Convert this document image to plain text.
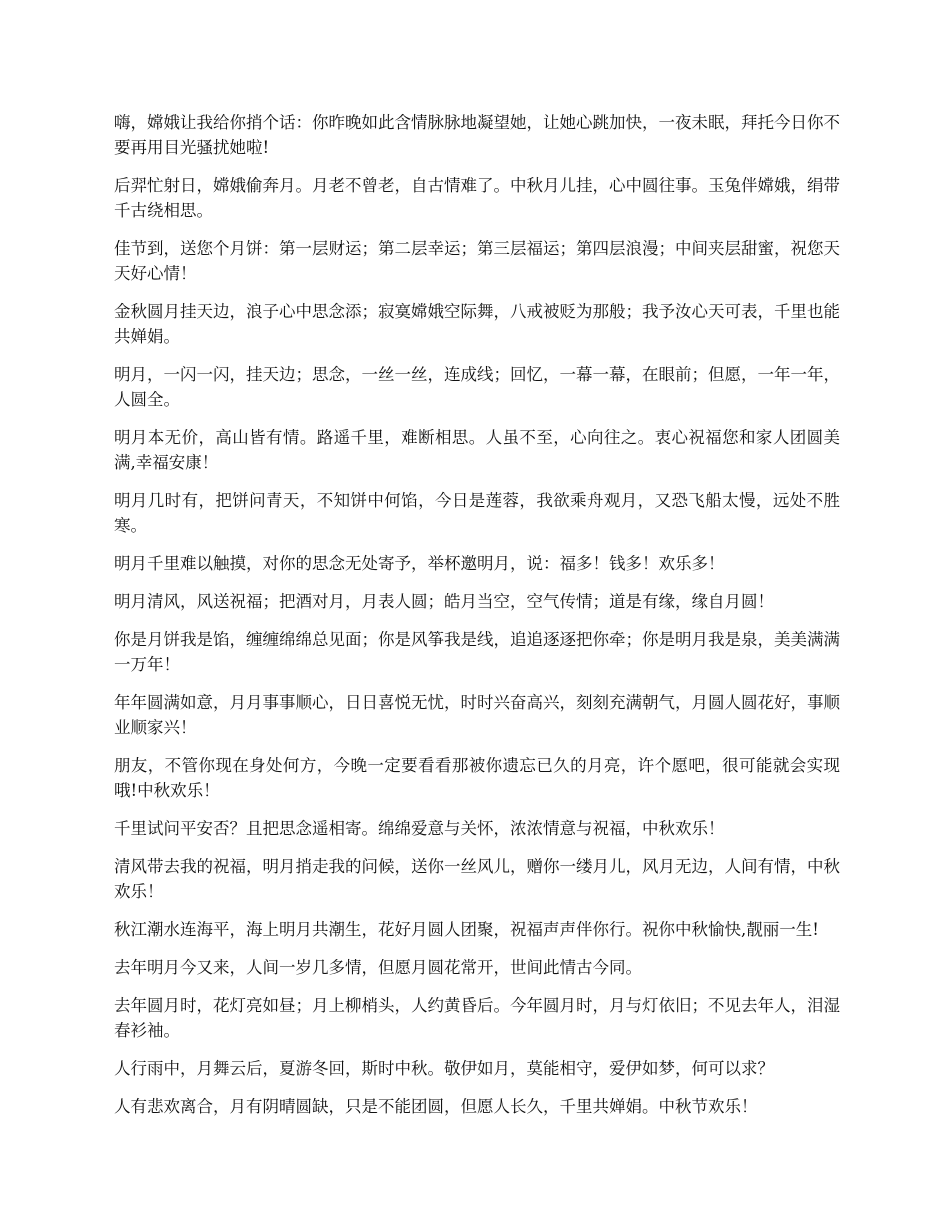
嗨，嫦娥让我给你捎个话：你昨晚如此含情脉脉地凝望她，让她心跳加快，一夜未眠，拜托今日你不要再用目光骚扰她啦!

后羿忙射日，嫦娥偷奔月。月老不曾老，自古情难了。中秋月儿挂，心中圆往事。玉兔伴嫦娥，绢带千古绕相思。

佳节到，送您个月饼：第一层财运；第二层幸运；第三层福运；第四层浪漫；中间夹层甜蜜，祝您天天好心情！

金秋圆月挂天边，浪子心中思念添；寂寞嫦娥空际舞，八戒被贬为那般；我予汝心天可表，千里也能共婵娟。

明月，一闪一闪，挂天边；思念，一丝一丝，连成线；回忆，一幕一幕，在眼前；但愿，一年一年，人圆全。

明月本无价，高山皆有情。路遥千里，难断相思。人虽不至，心向往之。衷心祝福您和家人团圆美满,幸福安康！

明月几时有，把饼问青天，不知饼中何馅，今日是莲蓉，我欲乘舟观月，又恐飞船太慢，远处不胜寒。

明月千里难以触摸，对你的思念无处寄予，举杯邀明月，说：福多！钱多！欢乐多！

明月清风，风送祝福；把酒对月，月表人圆；皓月当空，空气传情；道是有缘，缘自月圆！

你是月饼我是馅，缠缠绵绵总见面；你是风筝我是线，追追逐逐把你牵；你是明月我是泉，美美满满一万年！

年年圆满如意，月月事事顺心，日日喜悦无忧，时时兴奋高兴，刻刻充满朝气，月圆人圆花好，事顺业顺家兴！

朋友，不管你现在身处何方，今晚一定要看看那被你遗忘已久的月亮，许个愿吧，很可能就会实现哦!中秋欢乐！

千里试问平安否？且把思念遥相寄。绵绵爱意与关怀，浓浓情意与祝福，中秋欢乐！

清风带去我的祝福，明月捎走我的问候，送你一丝风儿，赠你一缕月儿，风月无边，人间有情，中秋欢乐！

秋江潮水连海平，海上明月共潮生，花好月圆人团聚，祝福声声伴你行。祝你中秋愉快,靓丽一生!

去年明月今又来，人间一岁几多情，但愿月圆花常开，世间此情古今同。

去年圆月时，花灯亮如昼；月上柳梢头，人约黄昏后。今年圆月时，月与灯依旧；不见去年人，泪湿春衫袖。

人行雨中，月舞云后，夏游冬回，斯时中秋。敬伊如月，莫能相守，爱伊如梦，何可以求？

人有悲欢离合，月有阴晴圆缺，只是不能团圆，但愿人长久，千里共婵娟。中秋节欢乐！
